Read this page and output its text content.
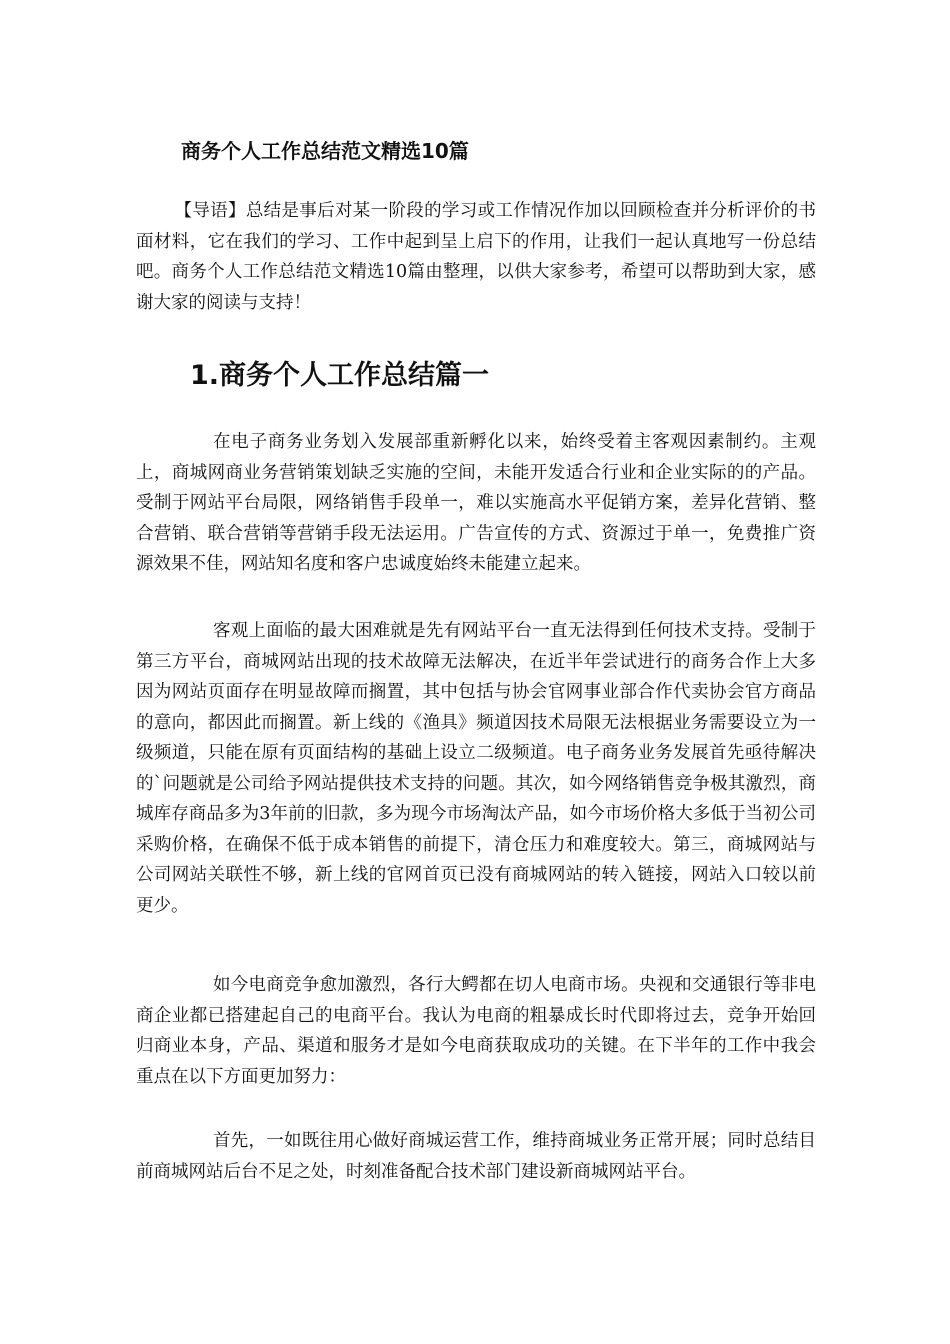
商务个人工作总结范文精选10篇

【导语】总结是事后对某一阶段的学习或工作情况作加以回顾检查并分析评价的书面材料，它在我们的学习、工作中起到呈上启下的作用，让我们一起认真地写一份总结吧。商务个人工作总结范文精选10篇由整理，以供大家参考，希望可以帮助到大家，感谢大家的阅读与支持！

1.商务个人工作总结篇一

在电子商务业务划入发展部重新孵化以来，始终受着主客观因素制约。主观上，商城网商业务营销策划缺乏实施的空间，未能开发适合行业和企业实际的的产品。受制于网站平台局限，网络销售手段单一，难以实施高水平促销方案，差异化营销、整合营销、联合营销等营销手段无法运用。广告宣传的方式、资源过于单一，免费推广资源效果不佳，网站知名度和客户忠诚度始终未能建立起来。

客观上面临的最大困难就是先有网站平台一直无法得到任何技术支持。受制于第三方平台，商城网站出现的技术故障无法解决，在近半年尝试进行的商务合作上大多因为网站页面存在明显故障而搁置，其中包括与协会官网事业部合作代卖协会官方商品的意向，都因此而搁置。新上线的《渔具》频道因技术局限无法根据业务需要设立为一级频道，只能在原有页面结构的基础上设立二级频道。电子商务业务发展首先亟待解决的`问题就是公司给予网站提供技术支持的问题。其次，如今网络销售竞争极其激烈，商城库存商品多为3年前的旧款，多为现今市场淘汰产品，如今市场价格大多低于当初公司采购价格，在确保不低于成本销售的前提下，清仓压力和难度较大。第三，商城网站与公司网站关联性不够，新上线的官网首页已没有商城网站的转入链接，网站入口较以前更少。

如今电商竞争愈加激烈，各行大鳄都在切人电商市场。央视和交通银行等非电商企业都已搭建起自己的电商平台。我认为电商的粗暴成长时代即将过去，竞争开始回归商业本身，产品、渠道和服务才是如今电商获取成功的关键。在下半年的工作中我会重点在以下方面更加努力：

首先，一如既往用心做好商城运营工作，维持商城业务正常开展；同时总结目前商城网站后台不足之处，时刻准备配合技术部门建设新商城网站平台。
